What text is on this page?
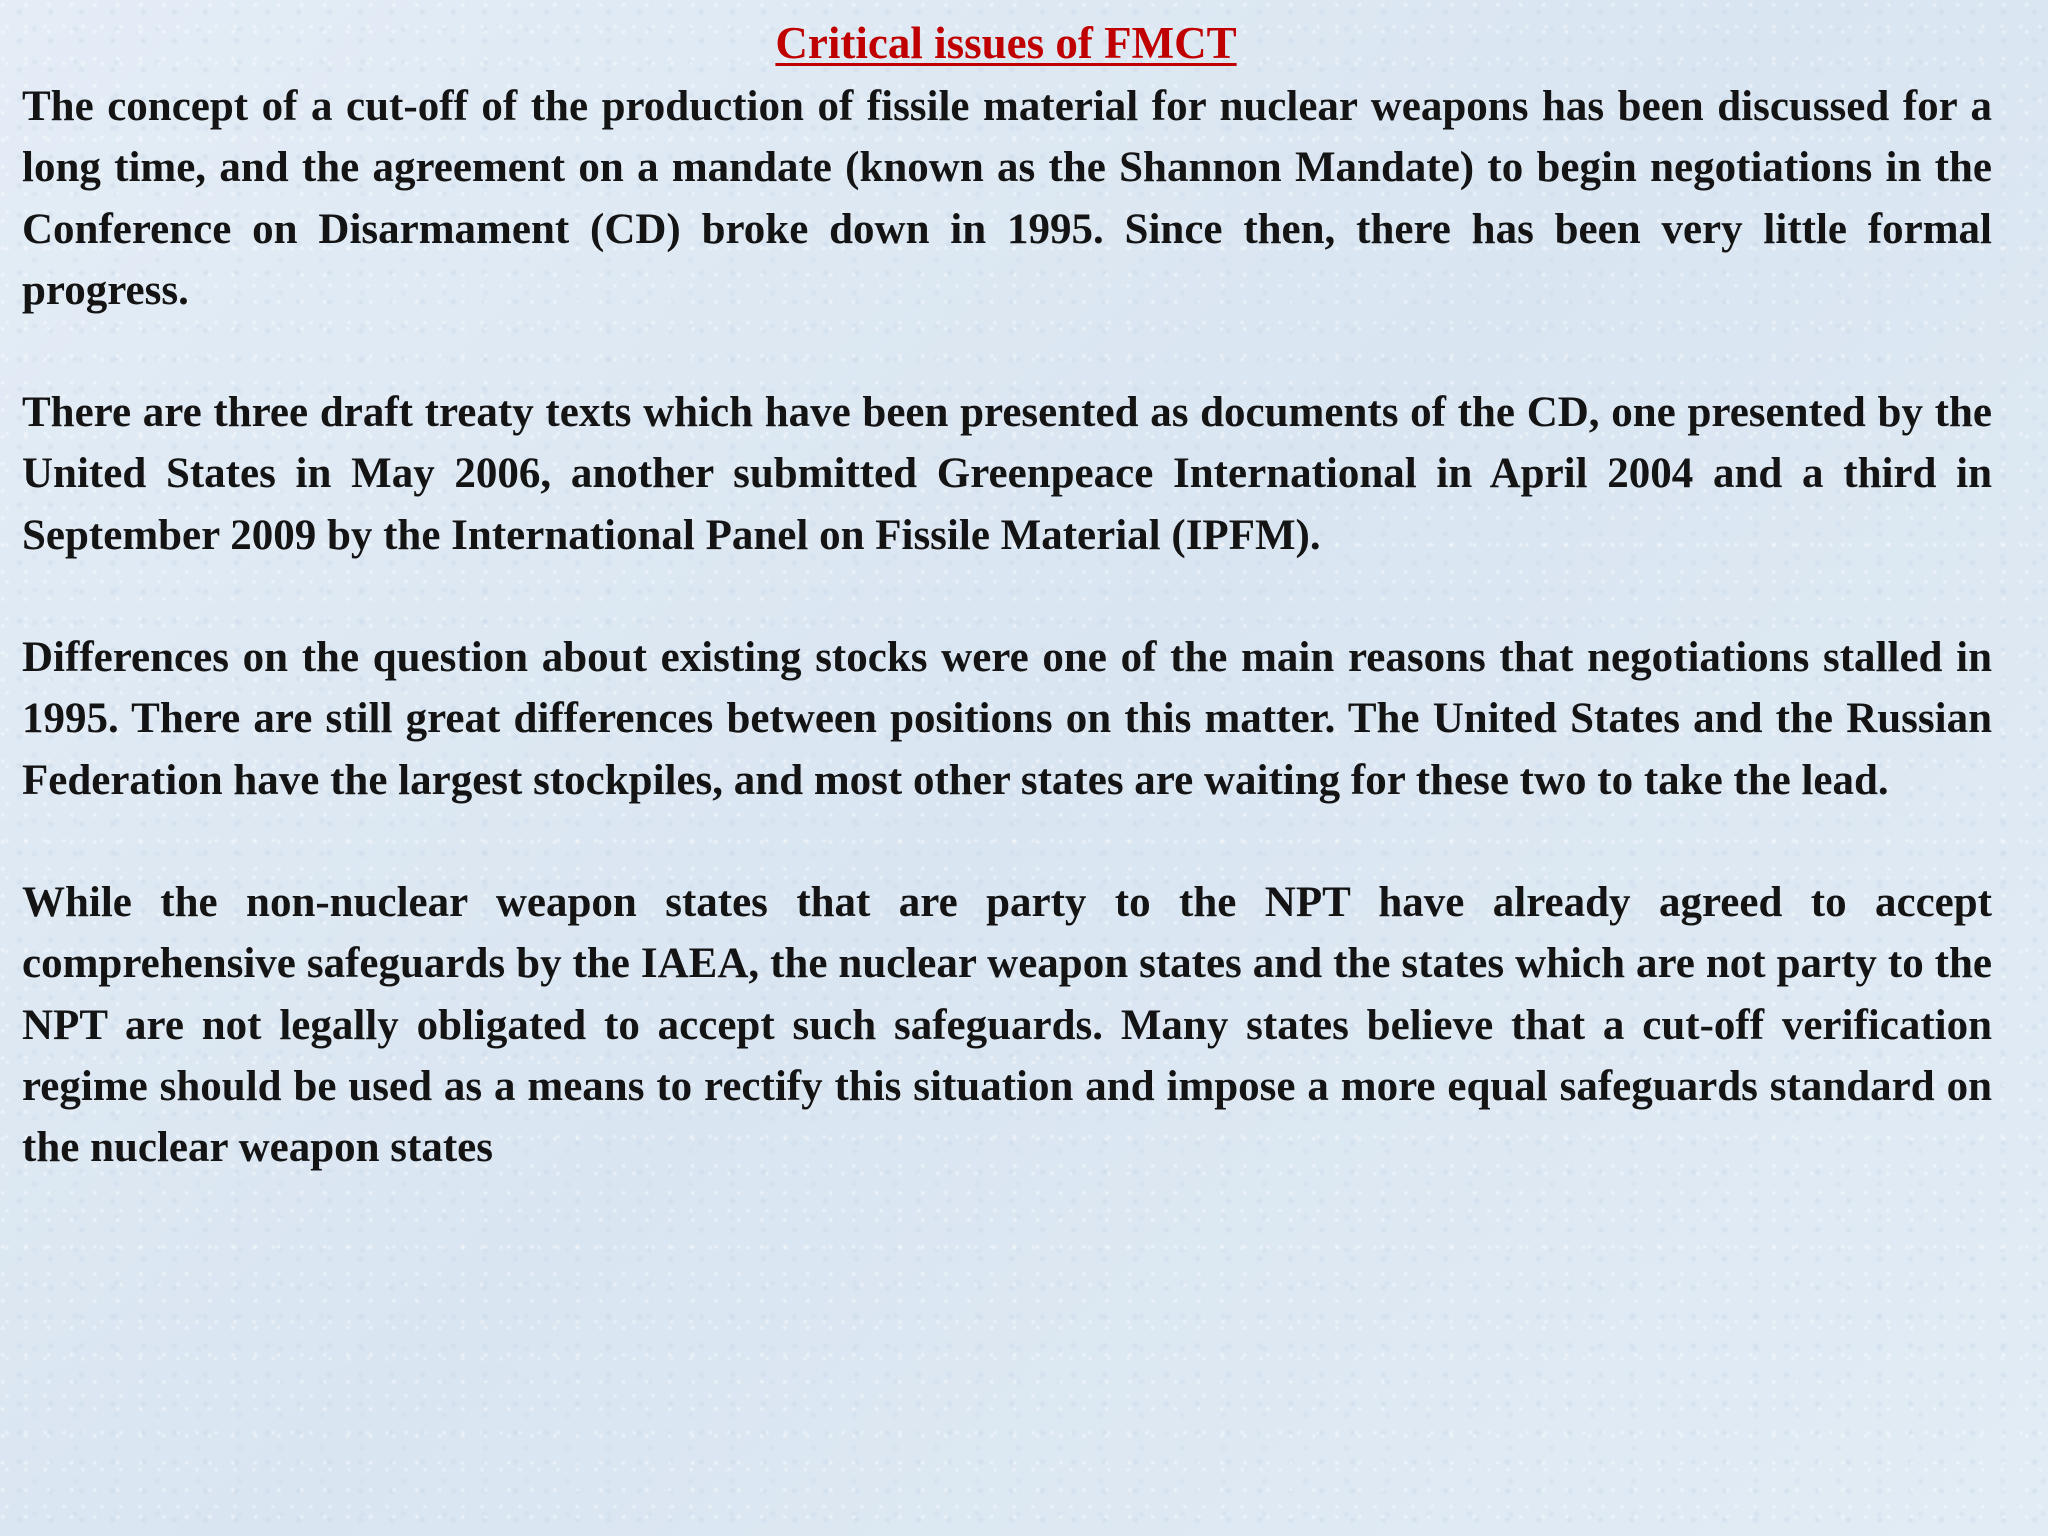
Critical issues of FMCT

The concept of a cut-off of the production of fissile material for nuclear weapons has been discussed for a long time, and the agreement on a mandate (known as the Shannon Mandate) to begin negotiations in the Conference on Disarmament (CD) broke down in 1995. Since then, there has been very little formal progress.

There are three draft treaty texts which have been presented as documents of the CD, one presented by the United States in May 2006, another submitted Greenpeace International in April 2004 and a third in September 2009 by the International Panel on Fissile Material (IPFM).

Differences on the question about existing stocks were one of the main reasons that negotiations stalled in 1995. There are still great differences between positions on this matter. The United States and the Russian Federation have the largest stockpiles, and most other states are waiting for these two to take the lead.

While the non-nuclear weapon states that are party to the NPT have already agreed to accept comprehensive safeguards by the IAEA, the nuclear weapon states and the states which are not party to the NPT are not legally obligated to accept such safeguards. Many states believe that a cut-off verification regime should be used as a means to rectify this situation and impose a more equal safeguards standard on the nuclear weapon states
